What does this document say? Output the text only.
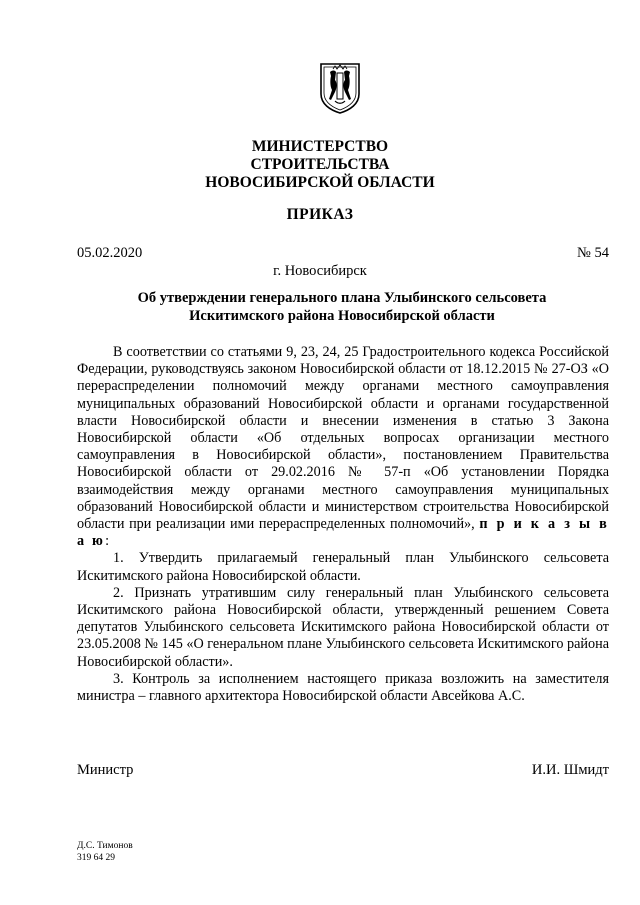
МИНИСТЕРСТВО
СТРОИТЕЛЬСТВА
НОВОСИБИРСКОЙ ОБЛАСТИ
ПРИКАЗ
05.02.2020	№ 54
г. Новосибирск
Об утверждении генерального плана Улыбинского сельсовета
Искитимского района Новосибирской области

В соответствии со статьями 9, 23, 24, 25 Градостроительного кодекса Российской Федерации, руководствуясь законом Новосибирской области от 18.12.2015 № 27-ОЗ «О перераспределении полномочий между органами местного самоуправления муниципальных образований Новосибирской области и органами государственной власти Новосибирской области и внесении изменения в статью 3 Закона Новосибирской области «Об отдельных вопросах организации местного самоуправления в Новосибирской области», постановлением Правительства Новосибирской области от 29.02.2016 № 57-п «Об установлении Порядка взаимодействия между органами местного самоуправления муниципальных образований Новосибирской области и министерством строительства Новосибирской области при реализации ими перераспределенных полномочий», п р и к а з ы в а ю:

1. Утвердить прилагаемый генеральный план Улыбинского сельсовета Искитимского района Новосибирской области.

2. Признать утратившим силу генеральный план Улыбинского сельсовета Искитимского района Новосибирской области, утвержденный решением Совета депутатов Улыбинского сельсовета Искитимского района Новосибирской области от 23.05.2008 № 145 «О генеральном плане Улыбинского сельсовета Искитимского района Новосибирской области».

3. Контроль за исполнением настоящего приказа возложить на заместителя министра – главного архитектора Новосибирской области Авсейкова А.С.

Министр	И.И. Шмидт
Д.С. Тимонов
319 64 29
